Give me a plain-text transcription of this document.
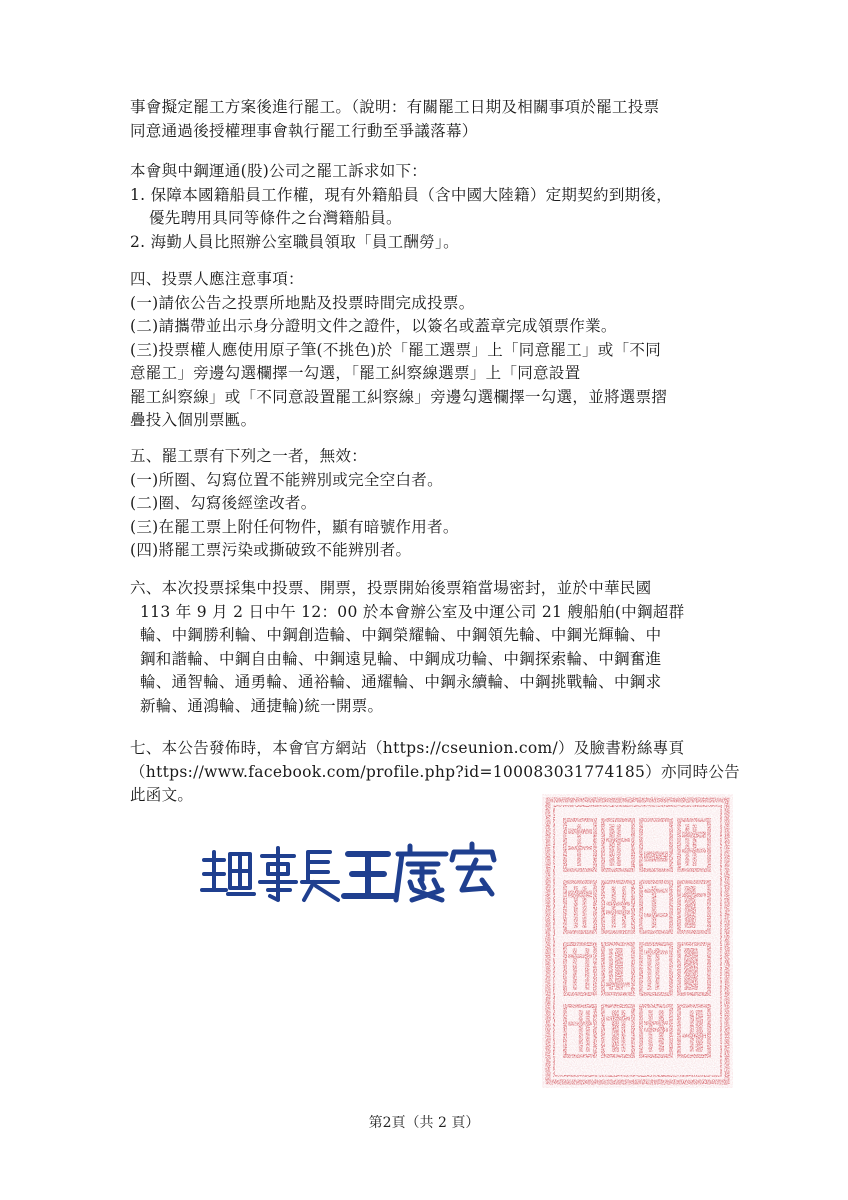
事會擬定罷工方案後進行罷工。（說明：有關罷工日期及相關事項於罷工投票
同意通過後授權理事會執行罷工行動至爭議落幕）
本會與中鋼運通(股)公司之罷工訴求如下：
1. 保障本國籍船員工作權，現有外籍船員（含中國大陸籍）定期契約到期後，
優先聘用具同等條件之台灣籍船員。
2. 海勤人員比照辦公室職員領取「員工酬勞」。
四、投票人應注意事項：
(一)請依公告之投票所地點及投票時間完成投票。
(二)請攜帶並出示身分證明文件之證件，以簽名或蓋章完成領票作業。
(三)投票權人應使用原子筆(不挑色)於「罷工選票」上「同意罷工」或「不同
意罷工」旁邊勾選欄擇一勾選，「罷工糾察線選票」上「同意設置
罷工糾察線」或「不同意設置罷工糾察線」旁邊勾選欄擇一勾選，並將選票摺
疊投入個別票匭。
五、罷工票有下列之一者，無效：
(一)所圈、勾寫位置不能辨別或完全空白者。
(二)圈、勾寫後經塗改者。
(三)在罷工票上附任何物件，顯有暗號作用者。
(四)將罷工票污染或撕破致不能辨別者。
六、本次投票採集中投票、開票，投票開始後票箱當場密封，並於中華民國
113 年 9 月 2 日中午 12：00 於本會辦公室及中運公司 21 艘船舶(中鋼超群
輪、中鋼勝利輪、中鋼創造輪、中鋼榮耀輪、中鋼領先輪、中鋼光輝輪、中
鋼和諧輪、中鋼自由輪、中鋼遠見輪、中鋼成功輪、中鋼探索輪、中鋼奮進
輪、通智輪、通勇輪、通裕輪、通耀輪、中鋼永續輪、中鋼挑戰輪、中鋼求
新輪、通鴻輪、通捷輪)統一開票。
七、本公告發佈時，本會官方網站（https://cseunion.com/）及臉書粉絲專頁
（https://www.facebook.com/profile.php?id=100083031774185）亦同時公告
此函文。
第2頁（共 2 頁）
